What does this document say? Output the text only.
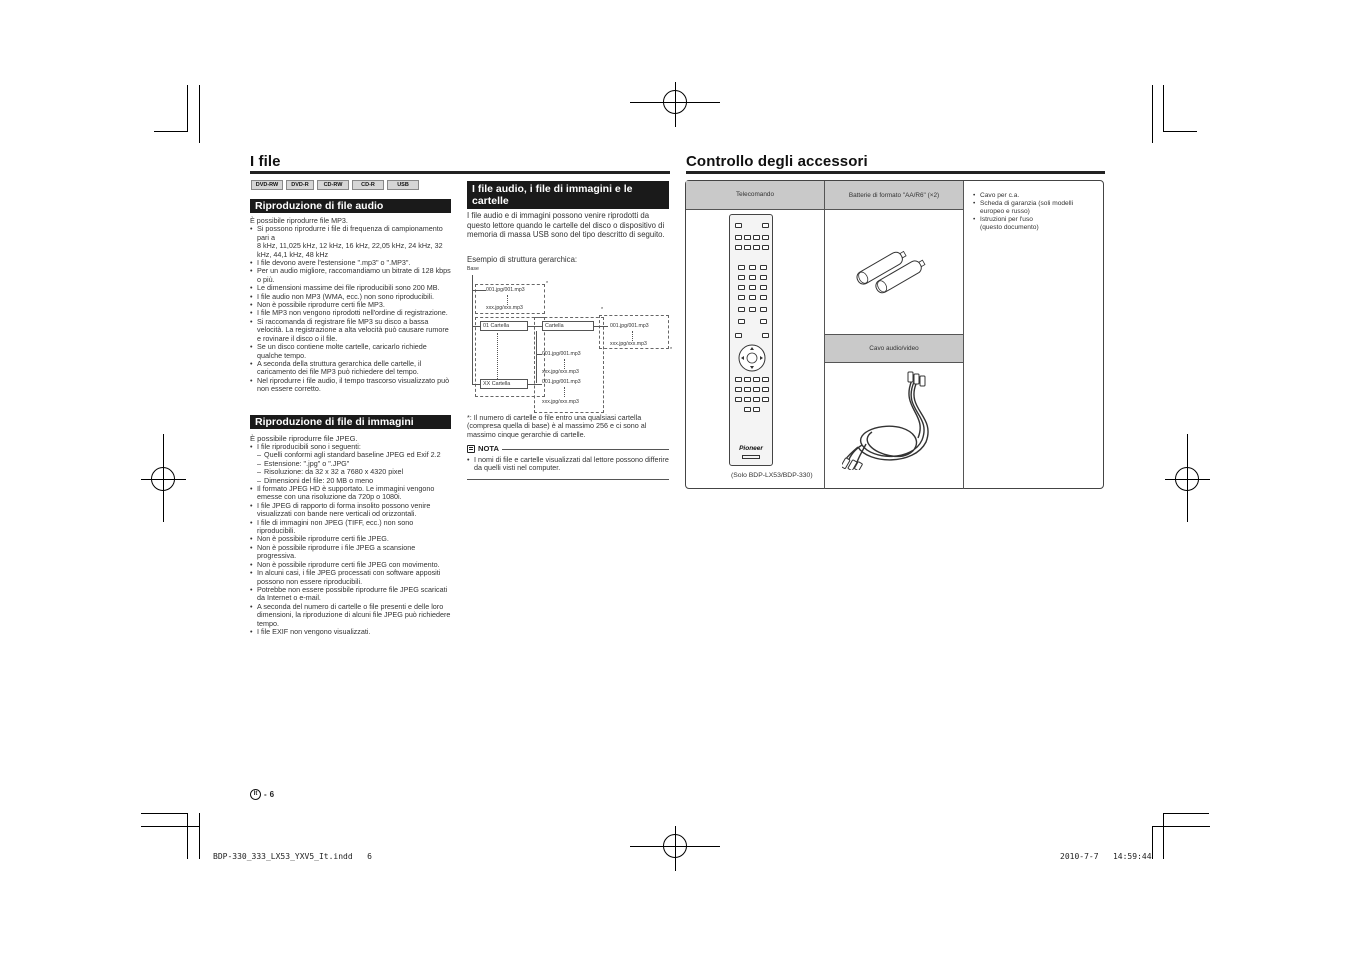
I file
DVD-RW	DVD-R	CD-RW	CD-R	USB
Riproduzione di file audio
È possibile riprodurre file MP3.
• Si possono riprodurre i file di frequenza di campionamento pari a
8 kHz, 11,025 kHz, 12 kHz, 16 kHz, 22,05 kHz, 24 kHz, 32 kHz, 44,1 kHz, 48 kHz
• I file devono avere l'estensione ".mp3" o ".MP3".
• Per un audio migliore, raccomandiamo un bitrate di 128 kbps o più.
• Le dimensioni massime dei file riproducibili sono 200 MB.
• I file audio non MP3 (WMA, ecc.) non sono riproducibili.
• Non è possibile riprodurre certi file MP3.
• I file MP3 non vengono riprodotti nell'ordine di registrazione.
• Si raccomanda di registrare file MP3 su disco a bassa velocità. La registrazione a alta velocità può causare rumore e rovinare il disco o il file.
• Se un disco contiene molte cartelle, caricarlo richiede qualche tempo.
• A seconda della struttura gerarchica delle cartelle, il caricamento dei file MP3 può richiedere del tempo.
• Nel riprodurre i file audio, il tempo trascorso visualizzato può non essere corretto.
Riproduzione di file di immagini
È possibile riprodurre file JPEG.
• I file riproducibili sono i seguenti:
– Quelli conformi agli standard baseline JPEG ed Exif 2.2
– Estensione: ".jpg" o ".JPG"
– Risoluzione: da 32 x 32 a 7680 x 4320 pixel
– Dimensioni del file: 20 MB o meno
• Il formato JPEG HD è supportato. Le immagini vengono emesse con una risoluzione da 720p o 1080i.
• I file JPEG di rapporto di forma insolito possono venire visualizzati con bande nere verticali od orizzontali.
• I file di immagini non JPEG (TIFF, ecc.) non sono riproducibili.
• Non è possibile riprodurre certi file JPEG.
• Non è possibile riprodurre i file JPEG a scansione progressiva.
• Non è possibile riprodurre certi file JPEG con movimento.
• In alcuni casi, i file JPEG processati con software appositi possono non essere riproducibili.
• Potrebbe non essere possibile riprodurre file JPEG scaricati da Internet o e-mail.
• A seconda del numero di cartelle o file presenti e delle loro dimensioni, la riproduzione di alcuni file JPEG può richiedere tempo.
• I file EXIF non vengono visualizzati.
I file audio, i file di immagini e le cartelle
I file audio e di immagini possono venire riprodotti da questo lettore quando le cartelle del disco o dispositivo di memoria di massa USB sono del tipo descritto di seguito.
Esempio di struttura gerarchica:
Base
*
*
*
001.jpg/001.mp3
xxx.jpg/xxx.mp3
01 Cartella	Cartella	001.jpg/001.mp3
xxx.jpg/xxx.mp3
001.jpg/001.mp3
xxx.jpg/xxx.mp3
XX Cartella	001.jpg/001.mp3
xxx.jpg/xxx.mp3
*: Il numero di cartelle o file entro una qualsiasi cartella (compresa quella di base) è al massimo 256 e ci sono al massimo cinque gerarchie di cartelle.
NOTA
• I nomi di file e cartelle visualizzati dal lettore possono differire da quelli visti nel computer.
It - 6
Controllo degli accessori
Telecomando	Batterie di formato "AA/R6" (×2)
Cavo audio/video
• Cavo per c.a.
• Scheda di garanzia (soli modelli europeo e russo)
• Istruzioni per l'uso
(questo documento)
Pioneer
(Solo BDP-LX53/BDP-330)
BDP-330_333_LX53_YXV5_It.indd   6	2010-7-7   14:59:44
